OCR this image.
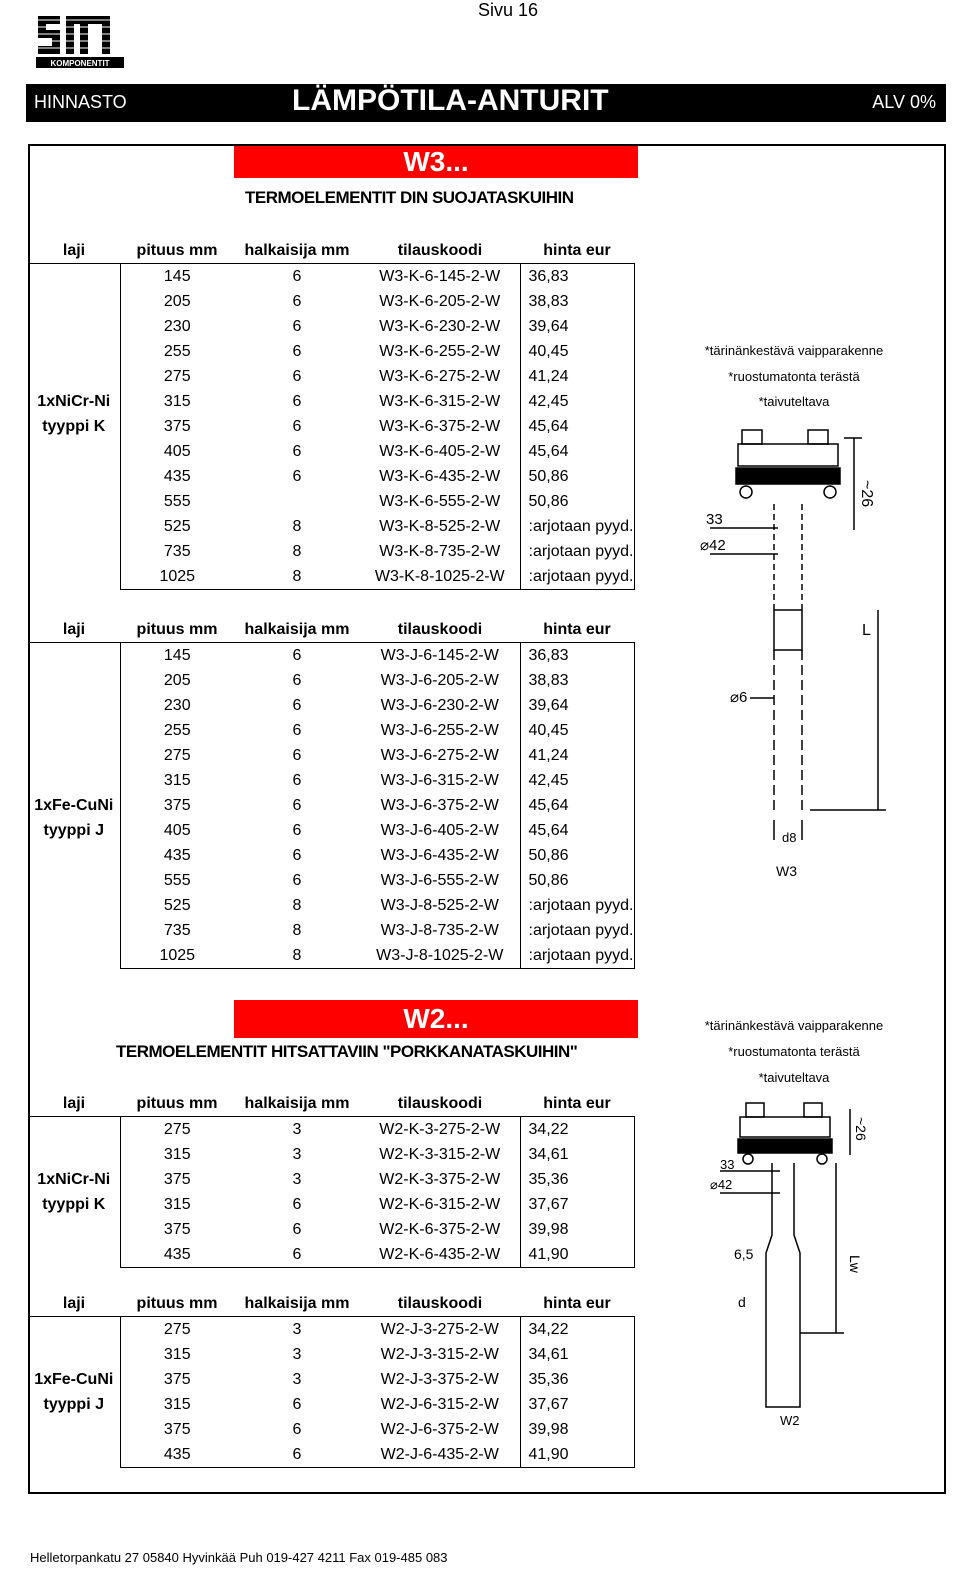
Sivu 16
KOMPONENTIT
HINNASTO	LÄMPÖTILA-ANTURIT	ALV 0%
W3...
TERMOELEMENTIT DIN SUOJATASKUIHIN
*tärinänkestävä vaipparakenne
*ruostumatonta terästä
*taivuteltava
~26
33
⌀42
⌀6
L
d8
W3
W2...
TERMOELEMENTIT HITSATTAVIIN "PORKKANATASKUIHIN"
*tärinänkestävä vaipparakenne
*ruostumatonta terästä
*taivuteltava
~26
33
⌀42
Lw
6,5
d
W2
laji	pituus mm	halkaisija mm	tilauskoodi	hinta eur
	145	6	W3-K-6-145-2-W	36,83
	205	6	W3-K-6-205-2-W	38,83
	230	6	W3-K-6-230-2-W	39,64
	255	6	W3-K-6-255-2-W	40,45
	275	6	W3-K-6-275-2-W	41,24
1xNiCr-Ni	315	6	W3-K-6-315-2-W	42,45
tyyppi K	375	6	W3-K-6-375-2-W	45,64
	405	6	W3-K-6-405-2-W	45,64
	435	6	W3-K-6-435-2-W	50,86
	555		W3-K-6-555-2-W	50,86
	525	8	W3-K-8-525-2-W	:arjotaan pyyd.
	735	8	W3-K-8-735-2-W	:arjotaan pyyd.
	1025	8	W3-K-8-1025-2-W	:arjotaan pyyd.
laji	pituus mm	halkaisija mm	tilauskoodi	hinta eur
	145	6	W3-J-6-145-2-W	36,83
	205	6	W3-J-6-205-2-W	38,83
	230	6	W3-J-6-230-2-W	39,64
	255	6	W3-J-6-255-2-W	40,45
	275	6	W3-J-6-275-2-W	41,24
	315	6	W3-J-6-315-2-W	42,45
1xFe-CuNi	375	6	W3-J-6-375-2-W	45,64
tyyppi J	405	6	W3-J-6-405-2-W	45,64
	435	6	W3-J-6-435-2-W	50,86
	555	6	W3-J-6-555-2-W	50,86
	525	8	W3-J-8-525-2-W	:arjotaan pyyd.
	735	8	W3-J-8-735-2-W	:arjotaan pyyd.
	1025	8	W3-J-8-1025-2-W	:arjotaan pyyd.
laji	pituus mm	halkaisija mm	tilauskoodi	hinta eur
	275	3	W2-K-3-275-2-W	34,22
	315	3	W2-K-3-315-2-W	34,61
1xNiCr-Ni	375	3	W2-K-3-375-2-W	35,36
tyyppi K	315	6	W2-K-6-315-2-W	37,67
	375	6	W2-K-6-375-2-W	39,98
	435	6	W2-K-6-435-2-W	41,90
laji	pituus mm	halkaisija mm	tilauskoodi	hinta eur
	275	3	W2-J-3-275-2-W	34,22
	315	3	W2-J-3-315-2-W	34,61
1xFe-CuNi	375	3	W2-J-3-375-2-W	35,36
tyyppi J	315	6	W2-J-6-315-2-W	37,67
	375	6	W2-J-6-375-2-W	39,98
	435	6	W2-J-6-435-2-W	41,90
Helletorpankatu 27 05840 Hyvinkää Puh 019-427 4211 Fax 019-485 083
